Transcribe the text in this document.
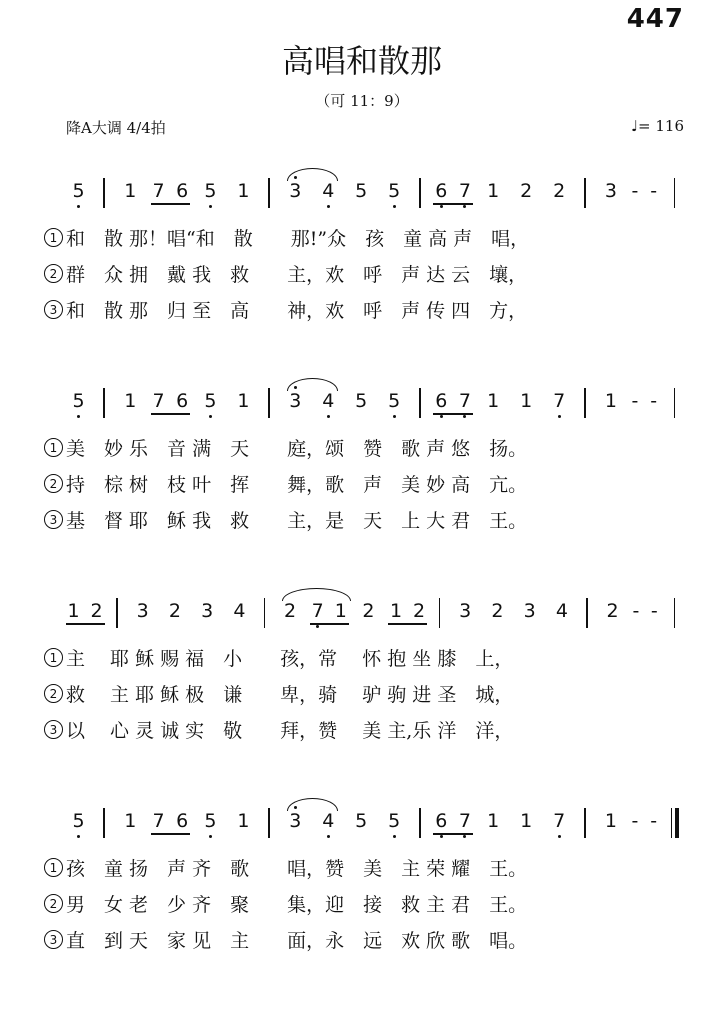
447
高唱和散那
（可 11：9）
降A大调 4/4拍	♩= 116
5 1 7 6 5 1 3 4 5 5 6 7 1 2 2 3 - -
1 和　散 那！唱“和　散　　那!”众　孩　童 高 声　唱，
2 群　众 拥　戴 我　救　　主，欢　呼　声 达 云　壤，
3 和　散 那　归 至　高　　神，欢　呼　声 传 四　方，
5 1 7 6 5 1 3 4 5 5 6 7 1 1 7 1 - -
1 美　妙 乐　音 满　天　　庭，颂　赞　歌 声 悠　扬。
2 持　棕 树　枝 叶　挥　　舞，歌　声　美 妙 高　亢。
3 基　督 耶　稣 我　救　　主，是　天　上 大 君　王。
1 2 3 2 3 4 2 7 1 2 1 2 3 2 3 4 2 - -
1 主　 耶 稣 赐 福　小　　孩，常　 怀 抱 坐 膝　上，
2 救　 主 耶 稣 极　谦　　卑，骑　 驴 驹 进 圣　城，
3 以　 心 灵 诚 实　敬　　拜，赞　 美 主,乐 洋　洋，
5 1 7 6 5 1 3 4 5 5 6 7 1 1 7 1 - -
1 孩　童 扬　声 齐　歌　　唱，赞　美　主 荣 耀　王。
2 男　女 老　少 齐　聚　　集，迎　接　救 主 君　王。
3 直　到 天　家 见　主　　面，永　远　欢 欣 歌　唱。
